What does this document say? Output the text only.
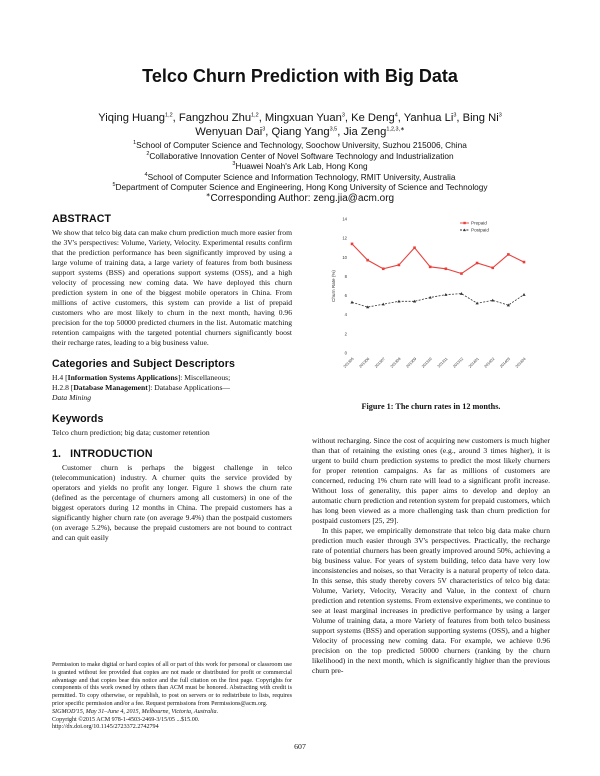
Telco Churn Prediction with Big Data
Yiqing Huang$^{1,2}$, Fangzhou Zhu$^{1,2}$, Mingxuan Yuan$^3$, Ke Deng$^4$, Yanhua Li$^3$, Bing Ni$^3$
Wenyuan Dai$^3$, Qiang Yang$^{3,5}$, Jia Zeng$^{1,2,3,∗}$
$^1$School of Computer Science and Technology, Soochow University, Suzhou 215006, China
$^2$Collaborative Innovation Center of Novel Software Technology and Industrialization
$^3$Huawei Noah's Ark Lab, Hong Kong
$^4$School of Computer Science and Information Technology, RMIT University, Australia
$^5$Department of Computer Science and Engineering, Hong Kong University of Science and Technology
∗Corresponding Author: zeng.jia@acm.org
ABSTRACT

We show that telco big data can make churn prediction much more easier from the 3V's perspectives: Volume, Variety, Velocity. Experimental results confirm that the prediction performance has been significantly improved by using a large volume of training data, a large variety of features from both business support systems (BSS) and operations support systems (OSS), and a high velocity of processing new coming data. We have deployed this churn prediction system in one of the biggest mobile operators in China. From millions of active customers, this system can provide a list of prepaid customers who are most likely to churn in the next month, having 0.96 precision for the top 50000 predicted churners in the list. Automatic matching retention campaigns with the targeted potential churners significantly boost their recharge rates, leading to a big business value.

Categories and Subject Descriptors

H.4 [Information Systems Applications]: Miscellaneous;
H.2.8 [Database Management]: Database Applications—
Data Mining

Keywords

Telco churn prediction; big data; customer retention

1.   INTRODUCTION

Customer churn is perhaps the biggest challenge in telco (telecommunication) industry. A churner quits the service provided by operators and yields no profit any longer. Figure 1 shows the churn rate (defined as the percentage of churners among all customers) in one of the biggest operators during 12 months in China. The prepaid customers has a significantly higher churn rate (on average 9.4%) than the postpaid customers (on average 5.2%), because the prepaid customers are not bound to contract and can quit easily

Permission to make digital or hard copies of all or part of this work for personal or classroom use is granted without fee provided that copies are not made or distributed for profit or commercial advantage and that copies bear this notice and the full citation on the first page. Copyrights for components of this work owned by others than ACM must be honored. Abstracting with credit is permitted. To copy otherwise, or republish, to post on servers or to redistribute to lists, requires prior specific permission and/or a fee. Request permissions from Permissions@acm.org.
SIGMOD'15, May 31–June 4, 2015, Melbourne, Victoria, Australia.
Copyright ©2015 ACM 978-1-4503-2469-3/15/05 ...$15.00.
http://dx.doi.org/10.1145/2723372.2742794
0
2
4
6
8
10
12
14
Churn Rate (%)
201305 201306 201307 201308 201309 201310 201311 201312 201401 201402 201403 201404
Prepaid
Postpaid
Figure 1: The churn rates in 12 months.

without recharging. Since the cost of acquiring new customers is much higher than that of retaining the existing ones (e.g., around 3 times higher), it is urgent to build churn prediction systems to predict the most likely churners for proper retention campaigns. As far as millions of customers are concerned, reducing 1% churn rate will lead to a significant profit increase. Without loss of generality, this paper aims to develop and deploy an automatic churn prediction and retention system for prepaid customers, which has long been viewed as a more challenging task than churn prediction for postpaid customers [25, 29].

In this paper, we empirically demonstrate that telco big data make churn prediction much easier through 3V's perspectives. Practically, the recharge rate of potential churners has been greatly improved around 50%, achieving a big business value. For years of system building, telco data have very low inconsistencies and noises, so that Veracity is a natural property of telco data. In this sense, this study thereby covers 5V characteristics of telco big data: Volume, Variety, Velocity, Veracity and Value, in the context of churn prediction and retention systems. From extensive experiments, we continue to see at least marginal increases in predictive performance by using a larger Volume of training data, a more Variety of features from both telco business support systems (BSS) and operation supporting systems (OSS), and a higher Velocity of processing new coming data. For example, we achieve 0.96 precision on the top predicted 50000 churners (ranking by the churn likelihood) in the next month, which is significantly higher than the previous churn pre-

607
